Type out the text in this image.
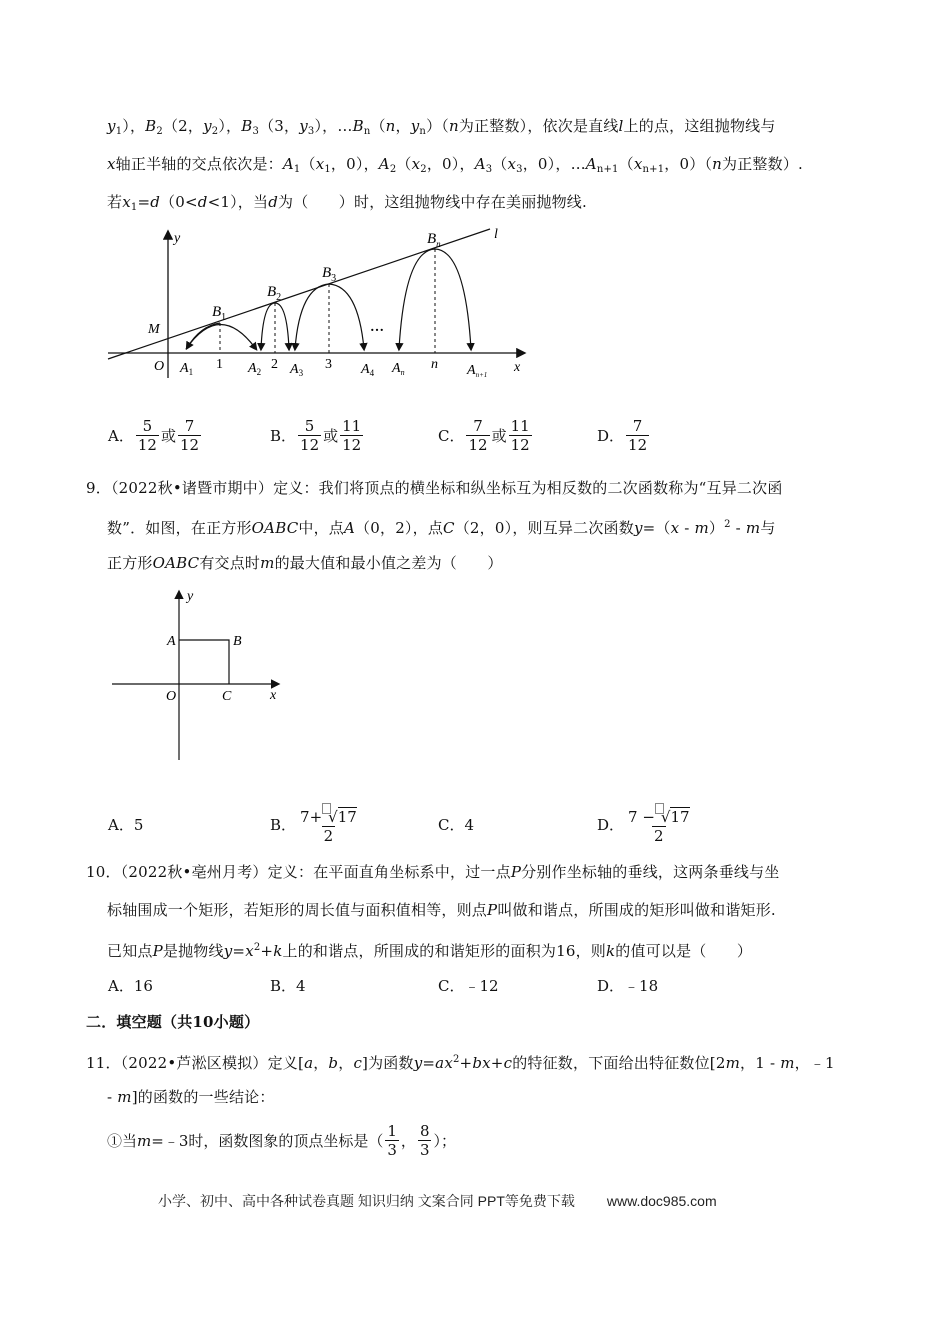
$y_1$），$B_2(2$，$y_2$），$B_3(3$，$y_3$），$\dots B_n(n$，$y_n)(n$为正整数），依次是直线l上的点，这组抛物线与
x轴正半轴的交点依次是：$A_1(x_1$，0），$A_2(x_2$，0），$A_3(x_3$，0），$\dots A_{n+1}(x_{n+1}$，0）（n为正整数）.
若$x_1=d(0<d<1)$，当d为（　　）时，这组抛物线中存在美丽抛物线.
y
x
O
M
l
1	2	3	n
…
$B_1$
$B_2$
$B_3$
$B_n$
$A_1$	$A_2$ $A_3$	$A_4$ $A_n$	$A_{n+1}$
A． $\frac{5}{12}$ 或 $\frac{7}{12}$	B． $\frac{5}{12}$ 或 $\frac{11}{12}$	C． $\frac{7}{12}$ 或 $\frac{11}{12}$	D． $\frac{7}{12}$
9．（2022秋•诸暨市期中）定义：我们将顶点的横坐标和纵坐标互为相反数的二次函数称为“互异二次函
数”．如图，在正方形OABC中，点A（0，2），点C（2，0），则互异二次函数y=（x - m）$^2$ - m与
正方形OABC有交点时m的最大值和最小值之差为（　　）
y
x
A	B
O	C
A． 5	B． $\frac{7+ √17}{2}$	C． 4	D． $\frac{7 - √17}{2}$
10．（2022秋•亳州月考）定义：在平面直角坐标系中，过一点P分别作坐标轴的垂线，这两条垂线与坐
标轴围成一个矩形，若矩形的周长值与面积值相等，则点P叫做和谐点，所围成的矩形叫做和谐矩形.
已知点P是抛物线$y=x^2+k$上的和谐点，所围成的和谐矩形的面积为16，则k的值可以是（　　）
A． 16	B． 4	C． ﹣12	D． ﹣18
二．填空题（共10小题）
11．（2022•芦淞区模拟）定义[a，b，c]为函数$y=ax^2+bx+c$的特征数，下面给出特征数位[2m，1 - m，﹣1
- m]的函数的一些结论：
①当 m =﹣3时，函数图象的顶点坐标是（ $\frac{1}{3}$ ， $\frac{8}{3}$ ）；
小学、初中、高中各种试卷真题 知识归纳 文案合同 PPT等免费下载 www.doc985.com
